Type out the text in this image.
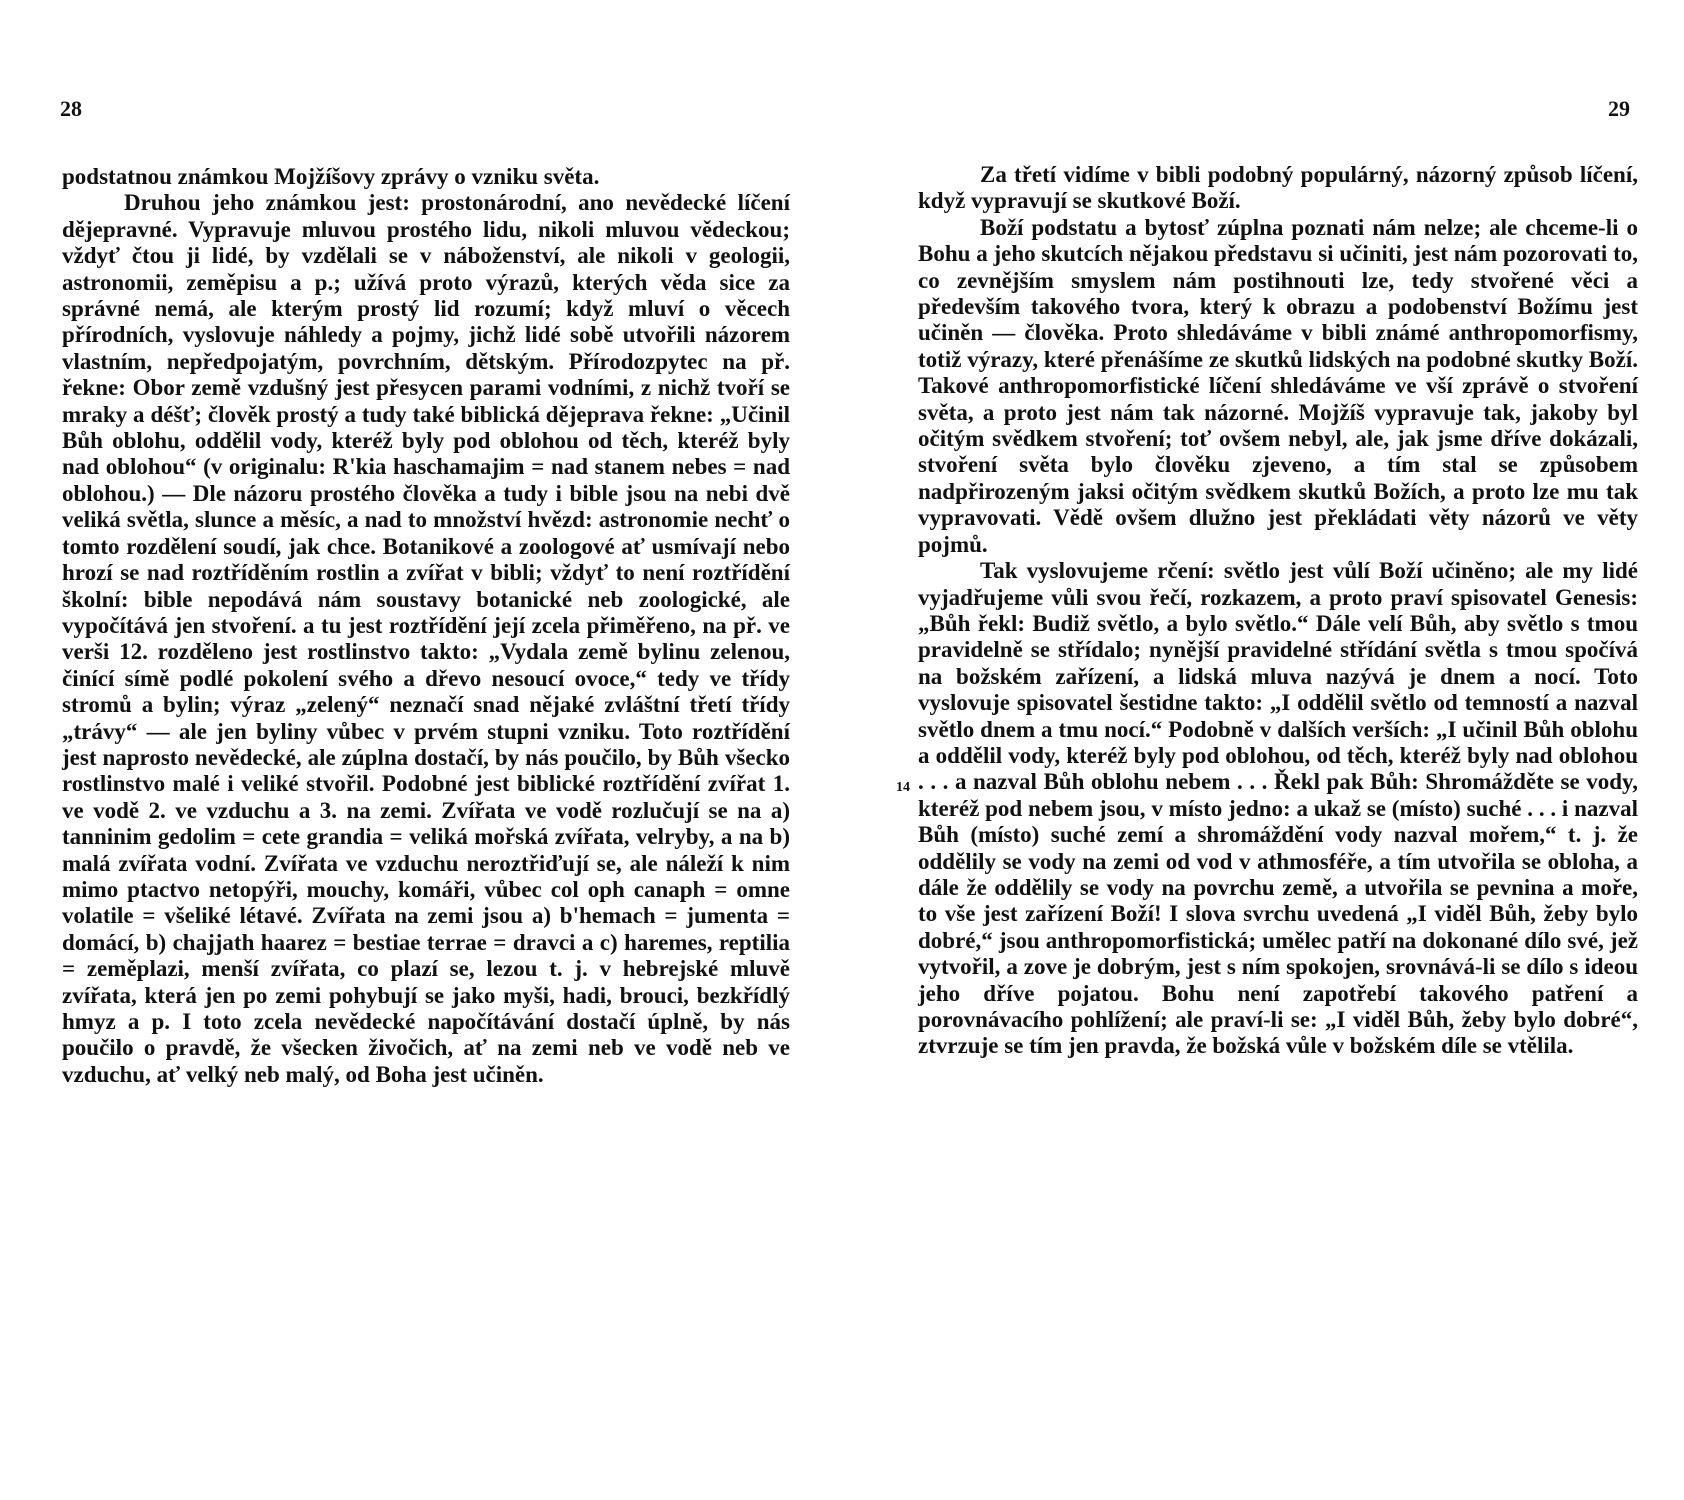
28	29

podstatnou známkou Mojžíšovy zprávy o vzniku světa.

Druhou jeho známkou jest: prostonárodní, ano nevědecké líčení dějepravné. Vypravuje mluvou prostého lidu, nikoli mluvou vědeckou; vždyť čtou ji lidé, by vzdělali se v náboženství, ale nikoli v geologii, astronomii, zeměpisu a p.; užívá proto výrazů, kterých věda sice za správné nemá, ale kterým prostý lid rozumí; když mluví o věcech přírodních, vyslovuje náhledy a pojmy, jichž lidé sobě utvořili názorem vlastním, nepředpojatým, povrchním, dětským. Přírodozpytec na př. řekne: Obor země vzdušný jest přesycen parami vodními, z nichž tvoří se mraky a déšť; člověk prostý a tudy také biblická dějeprava řekne: „Učinil Bůh oblohu, oddělil vody, kteréž byly pod oblohou od těch, kteréž byly nad oblohou“ (v originalu: R'kia haschamajim = nad stanem nebes = nad oblohou.) — Dle názoru prostého člověka a tudy i bible jsou na nebi dvě veliká světla, slunce a měsíc, a nad to množství hvězd: astronomie nechť o tomto rozdělení soudí, jak chce. Botanikové a zoologové ať usmívají nebo hrozí se nad roztříděním rostlin a zvířat v bibli; vždyť to není roztřídění školní: bible nepodává nám soustavy botanické neb zoologické, ale vypočítává jen stvoření. a tu jest roztřídění její zcela přiměřeno, na př. ve verši 12. rozděleno jest rostlinstvo takto: „Vydala země bylinu zelenou, činící símě podlé pokolení svého a dřevo nesoucí ovoce,“ tedy ve třídy stromů a bylin; výraz „zelený“ neznačí snad nějaké zvláštní třetí třídy „trávy“ — ale jen byliny vůbec v prvém stupni vzniku. Toto roztřídění jest naprosto nevědecké, ale zúplna dostačí, by nás poučilo, by Bůh všecko rostlinstvo malé i veliké stvořil. Podobné jest biblické roztřídění zvířat 1. ve vodě 2. ve vzduchu a 3. na zemi. Zvířata ve vodě rozlučují se na a) tanninim gedolim = cete grandia = veliká mořská zvířata, velryby, a na b) malá zvířata vodní. Zvířata ve vzduchu neroztřiďují se, ale náleží k nim mimo ptactvo netopýři, mouchy, komáři, vůbec col oph canaph = omne volatile = všeliké létavé. Zvířata na zemi jsou a) b'hemach = jumenta = domácí, b) chajjath haarez = bestiae terrae = dravci a c) haremes, reptilia = zeměplazi, menší zvířata, co plazí se, lezou t. j. v hebrejské mluvě zvířata, která jen po zemi pohybují se jako myši, hadi, brouci, bezkřídlý hmyz a p. I toto zcela nevědecké napočítávání dostačí úplně, by nás poučilo o pravdě, že všecken živočich, ať na zemi neb ve vodě neb ve vzduchu, ať velký neb malý, od Boha jest učiněn.

14

Za třetí vidíme v bibli podobný populárný, názorný způsob líčení, když vypravují se skutkové Boží.

Boží podstatu a bytosť zúplna poznati nám nelze; ale chceme-li o Bohu a jeho skutcích nějakou představu si učiniti, jest nám pozorovati to, co zevnějším smyslem nám postihnouti lze, tedy stvořené věci a především takového tvora, který k obrazu a podobenství Božímu jest učiněn — člověka. Proto shledáváme v bibli známé anthropomorfismy, totiž výrazy, které přenášíme ze skutků lidských na podobné skutky Boží. Takové anthropomorfistické líčení shledáváme ve vší zprávě o stvoření světa, a proto jest nám tak názorné. Mojžíš vypravuje tak, jakoby byl očitým svědkem stvoření; toť ovšem nebyl, ale, jak jsme dříve dokázali, stvoření světa bylo člověku zjeveno, a tím stal se způsobem nadpřirozeným jaksi očitým svědkem skutků Božích, a proto lze mu tak vypravovati. Vědě ovšem dlužno jest překládati věty názorů ve věty pojmů.

Tak vyslovujeme rčení: světlo jest vůlí Boží učiněno; ale my lidé vyjadřujeme vůli svou řečí, rozkazem, a proto praví spisovatel Genesis: „Bůh řekl: Budiž světlo, a bylo světlo.“ Dále velí Bůh, aby světlo s tmou pravidelně se střídalo; nynější pravidelné střídání světla s tmou spočívá na božském zařízení, a lidská mluva nazývá je dnem a nocí. Toto vyslovuje spisovatel šestidne takto: „I oddělil světlo od temností a nazval světlo dnem a tmu nocí.“ Podobně v dalších verších: „I učinil Bůh oblohu a oddělil vody, kteréž byly pod oblohou, od těch, kteréž byly nad oblohou . . . a nazval Bůh oblohu nebem . . . Řekl pak Bůh: Shromážděte se vody, kteréž pod nebem jsou, v místo jedno: a ukaž se (místo) suché . . . i nazval Bůh (místo) suché zemí a shromáždění vody nazval mořem,“ t. j. že oddělily se vody na zemi od vod v athmosféře, a tím utvořila se obloha, a dále že oddělily se vody na povrchu země, a utvořila se pevnina a moře, to vše jest zařízení Boží! I slova svrchu uvedená „I viděl Bůh, žeby bylo dobré,“ jsou anthropomorfistická; umělec patří na dokonané dílo své, jež vytvořil, a zove je dobrým, jest s ním spokojen, srovnává-li se dílo s ideou jeho dříve pojatou. Bohu není zapotřebí takového patření a porovnávacího pohlížení; ale praví-li se: „I viděl Bůh, žeby bylo dobré“, ztvrzuje se tím jen pravda, že božská vůle v božském díle se vtělila.
